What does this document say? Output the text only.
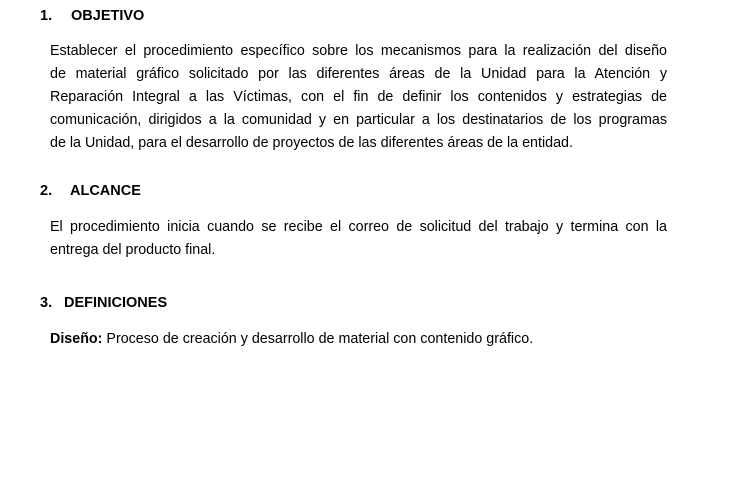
1. OBJETIVO
Establecer el procedimiento específico sobre los mecanismos para la realización del diseño
de material gráfico solicitado por las diferentes áreas de la Unidad para la Atención y
Reparación Integral a las Víctimas, con el fin de definir los contenidos y estrategias de
comunicación, dirigidos a la comunidad y en particular a los destinatarios de los programas
de la Unidad, para el desarrollo de proyectos de las diferentes áreas de la entidad.
2. ALCANCE
El procedimiento inicia cuando se recibe el correo de solicitud del trabajo y termina con la
entrega del producto final.
3. DEFINICIONES
Diseño: Proceso de creación y desarrollo de material con contenido gráfico.
